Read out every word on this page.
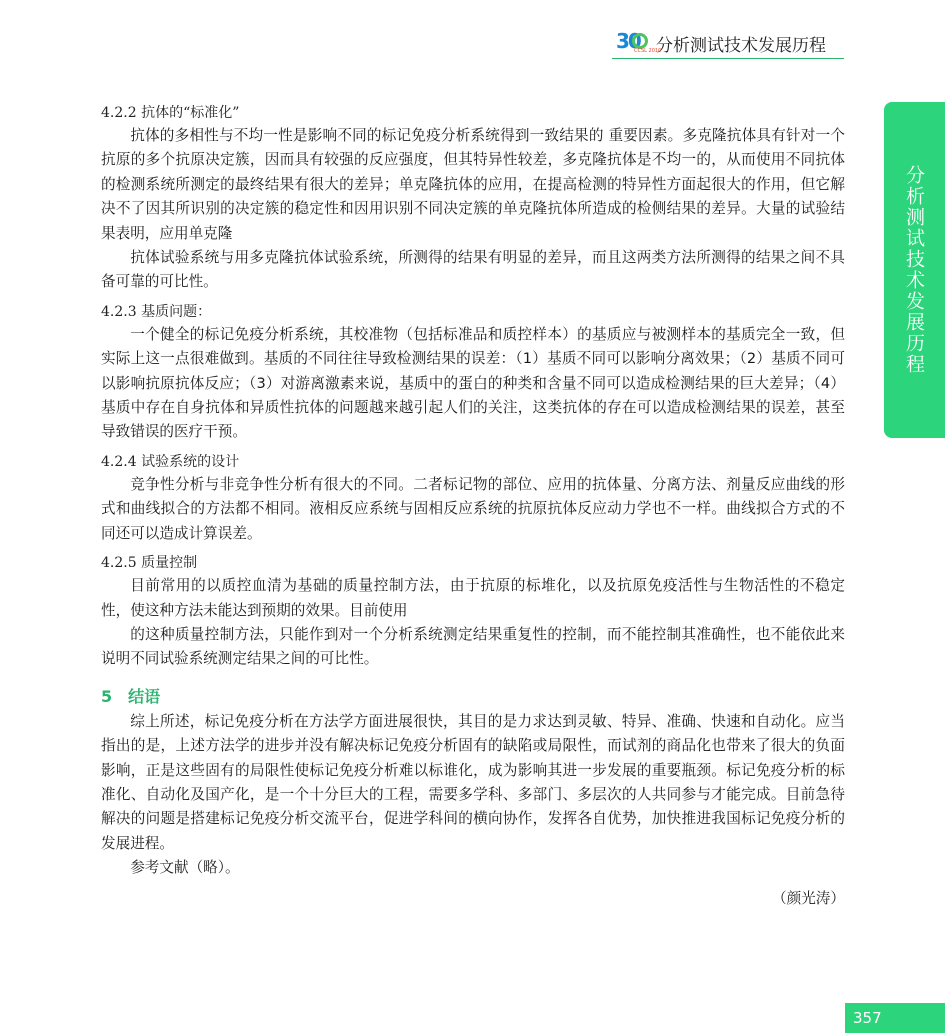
30
CCSL 2010
分析测试技术发展历程
分析测试技术发展历程
4.2.2 抗体的“标准化”

抗体的多相性与不均一性是影响不同的标记免疫分析系统得到一致结果的 重要因素。多克隆抗体具有针对一个抗原的多个抗原决定簇，因而具有较强的反应强度，但其特异性较差，多克隆抗体是不均一的，从而使用不同抗体的检测系统所测定的最终结果有很大的差异；单克隆抗体的应用，在提高检测的特异性方面起很大的作用，但它解决不了因其所识别的决定簇的稳定性和因用识别不同决定簇的单克隆抗体所造成的检侧结果的差异。大量的试验结果表明，应用单克隆

抗体试验系统与用多克隆抗体试验系统，所测得的结果有明显的差异，而且这两类方法所测得的结果之间不具备可靠的可比性。

4.2.3 基质问题：

一个健全的标记免疫分析系统，其校准物（包括标准品和质控样本）的基质应与被测样本的基质完全一致，但实际上这一点很难做到。基质的不同往往导致检测结果的误差：（1）基质不同可以影响分离效果；（2）基质不同可以影响抗原抗体反应；（3）对游离激素来说，基质中的蛋白的种类和含量不同可以造成检测结果的巨大差异；（4）基质中存在自身抗体和异质性抗体的问题越来越引起人们的关注，这类抗体的存在可以造成检测结果的误差，甚至导致错误的医疗干预。

4.2.4 试验系统的设计

竞争性分析与非竞争性分析有很大的不同。二者标记物的部位、应用的抗体量、分离方法、剂量反应曲线的形式和曲线拟合的方法都不相同。液相反应系统与固相反应系统的抗原抗体反应动力学也不一样。曲线拟合方式的不同还可以造成计算误差。

4.2.5 质量控制

目前常用的以质控血清为基础的质量控制方法，由于抗原的标堆化，以及抗原免疫活性与生物活性的不稳定性，使这种方法未能达到预期的效果。目前使用

的这种质量控制方法，只能作到对一个分析系统测定结果重复性的控制，而不能控制其准确性，也不能依此来说明不同试验系统测定结果之间的可比性。

5 结语

综上所述，标记免疫分析在方法学方面进展很快，其目的是力求达到灵敏、特异、准确、快速和自动化。应当指出的是，上述方法学的进步并没有解决标记免疫分析固有的缺陷或局限性，而试剂的商品化也带来了很大的负面影响，正是这些固有的局限性使标记免疫分析难以标谁化，成为影响其进一步发展的重要瓶颈。标记免疫分析的标准化、自动化及国产化，是一个十分巨大的工程，需要多学科、多部门、多层次的人共同参与才能完成。目前急待解决的问题是搭建标记免疫分析交流平台，促进学科间的横向协作，发挥各自优势，加快推进我国标记免疫分析的发展进程。

参考文献（略）。

（颜光涛）
357
